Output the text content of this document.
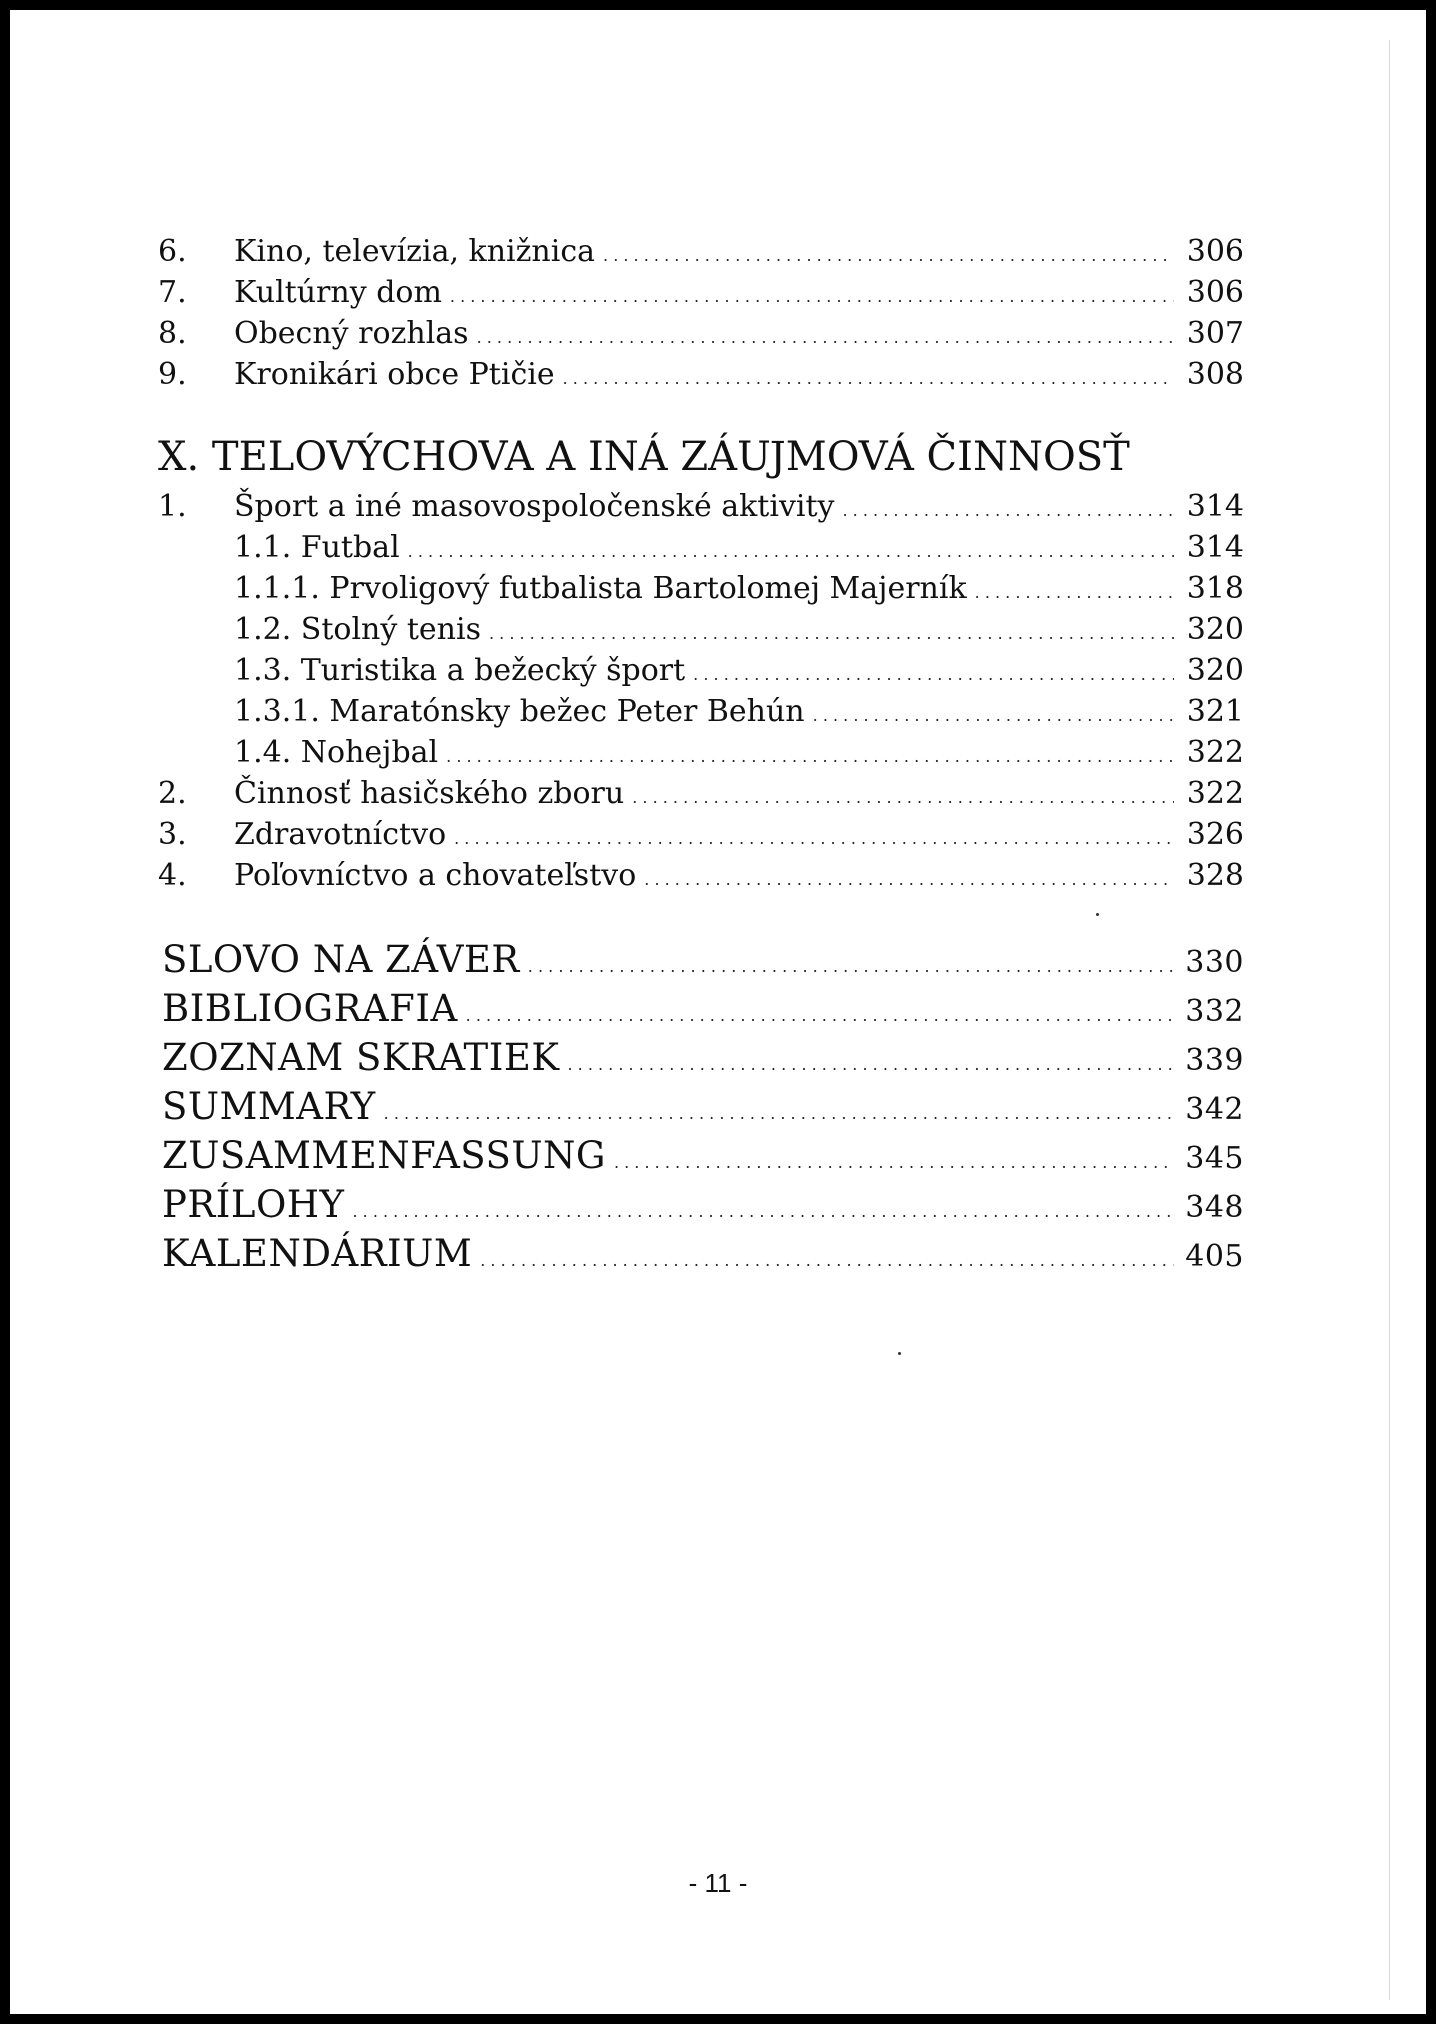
6.	Kino, televízia, knižnica . . .	306
7.	Kultúrny dom . . .	306
8.	Obecný rozhlas . . .	307
9.	Kronikári obce Ptičie . . .	308
X. TELOVÝCHOVA A INÁ ZÁUJMOVÁ ČINNOSŤ
1.	Šport a iné masovospoločenské aktivity . . .	314
1.1. Futbal . . .	314
1.1.1. Prvoligový futbalista Bartolomej Majerník . . .	318
1.2. Stolný tenis . . .	320
1.3. Turistika a bežecký šport . . .	320
1.3.1. Maratónsky bežec Peter Behún . . .	321
1.4. Nohejbal . . .	322
2.	Činnosť hasičského zboru . . .	322
3.	Zdravotníctvo . . .	326
4.	Poľovníctvo a chovateľstvo . . .	328
SLOVO NA ZÁVER . . .	330
BIBLIOGRAFIA . . .	332
ZOZNAM SKRATIEK . . .	339
SUMMARY . . .	342
ZUSAMMENFASSUNG . . .	345
PRÍLOHY . . .	348
KALENDÁRIUM . . .	405
- 11 -
